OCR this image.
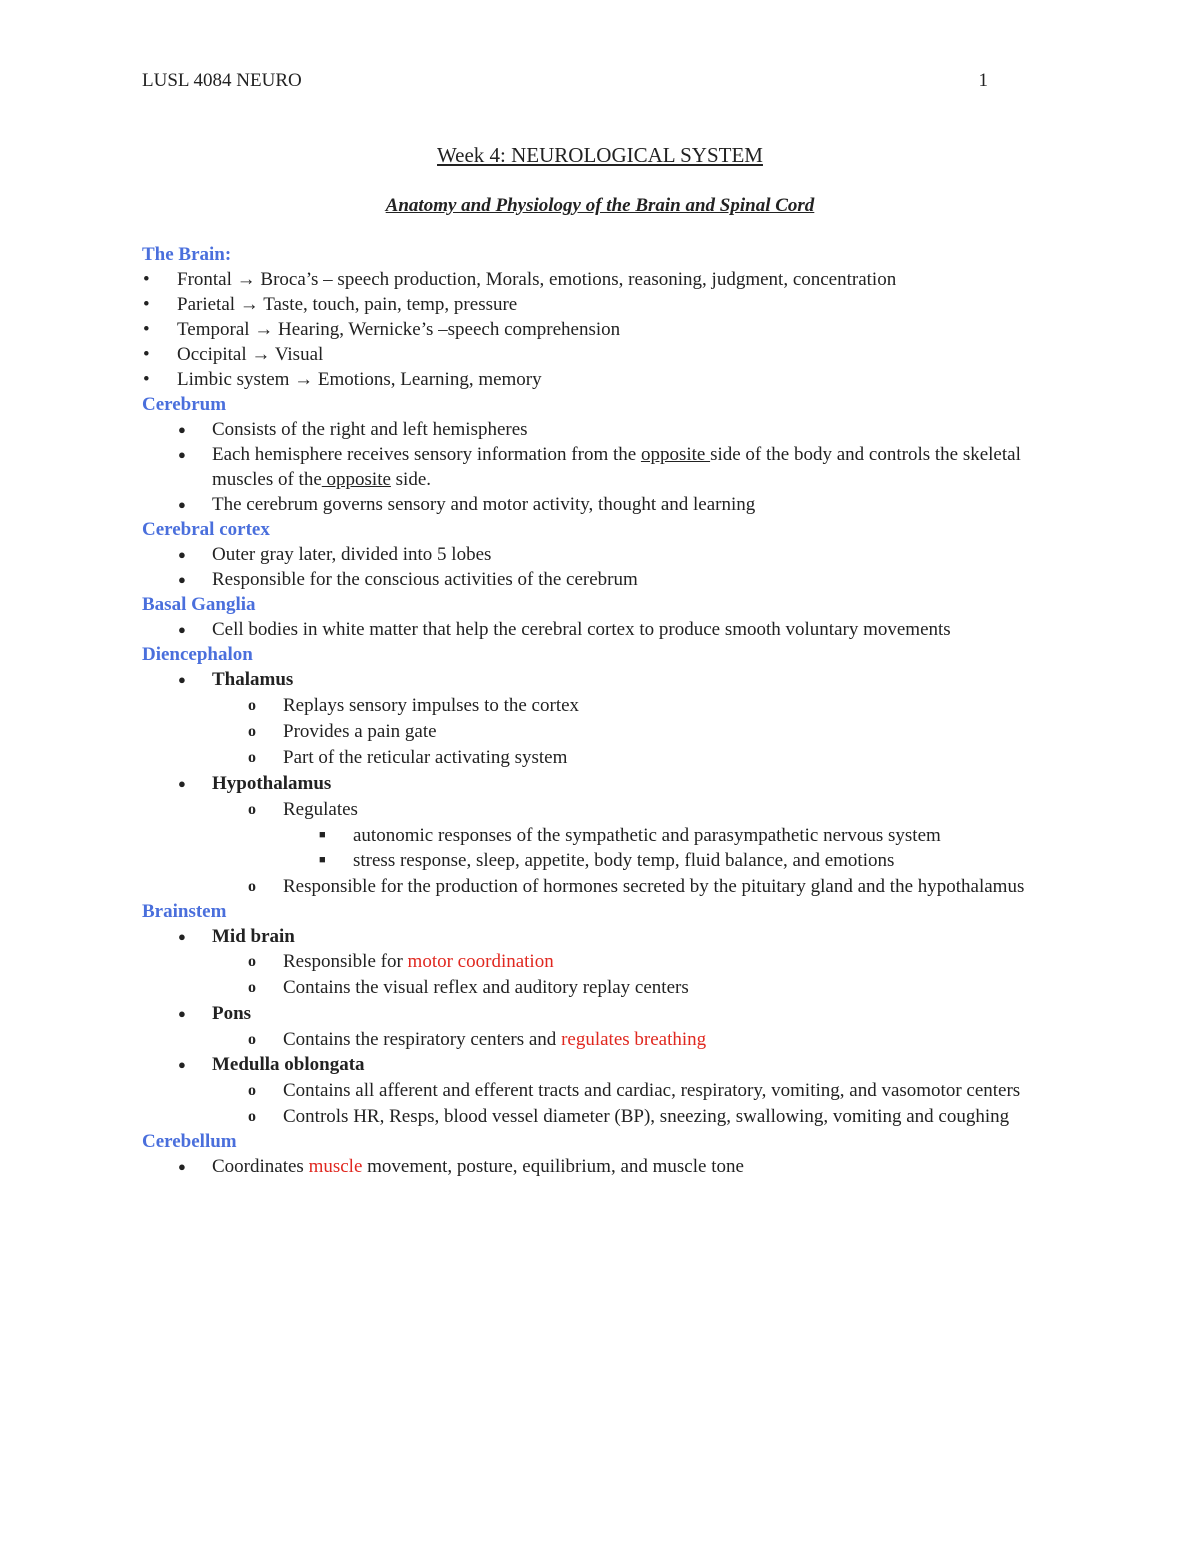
LUSL 4084 NEURO	1
Week 4: NEUROLOGICAL SYSTEM
Anatomy and Physiology of the Brain and Spinal Cord
The Brain:
• Frontal → Broca’s – speech production, Morals, emotions, reasoning, judgment, concentration
• Parietal → Taste, touch, pain, temp, pressure
• Temporal → Hearing, Wernicke’s –speech comprehension
• Occipital → Visual
• Limbic system → Emotions, Learning, memory
Cerebrum
● Consists of the right and left hemispheres
● Each hemisphere receives sensory information from the opposite side of the body and controls the skeletal muscles of the opposite side.
● The cerebrum governs sensory and motor activity, thought and learning
Cerebral cortex
● Outer gray later, divided into 5 lobes
● Responsible for the conscious activities of the cerebrum
Basal Ganglia
● Cell bodies in white matter that help the cerebral cortex to produce smooth voluntary movements
Diencephalon
● Thalamus
o Replays sensory impulses to the cortex
o Provides a pain gate
o Part of the reticular activating system
● Hypothalamus
o Regulates
■ autonomic responses of the sympathetic and parasympathetic nervous system
■ stress response, sleep, appetite, body temp, fluid balance, and emotions
o Responsible for the production of hormones secreted by the pituitary gland and the hypothalamus
Brainstem
● Mid brain
o Responsible for motor coordination
o Contains the visual reflex and auditory replay centers
● Pons
o Contains the respiratory centers and regulates breathing
● Medulla oblongata
o Contains all afferent and efferent tracts and cardiac, respiratory, vomiting, and vasomotor centers
o Controls HR, Resps, blood vessel diameter (BP), sneezing, swallowing, vomiting and coughing
Cerebellum
● Coordinates muscle movement, posture, equilibrium, and muscle tone
